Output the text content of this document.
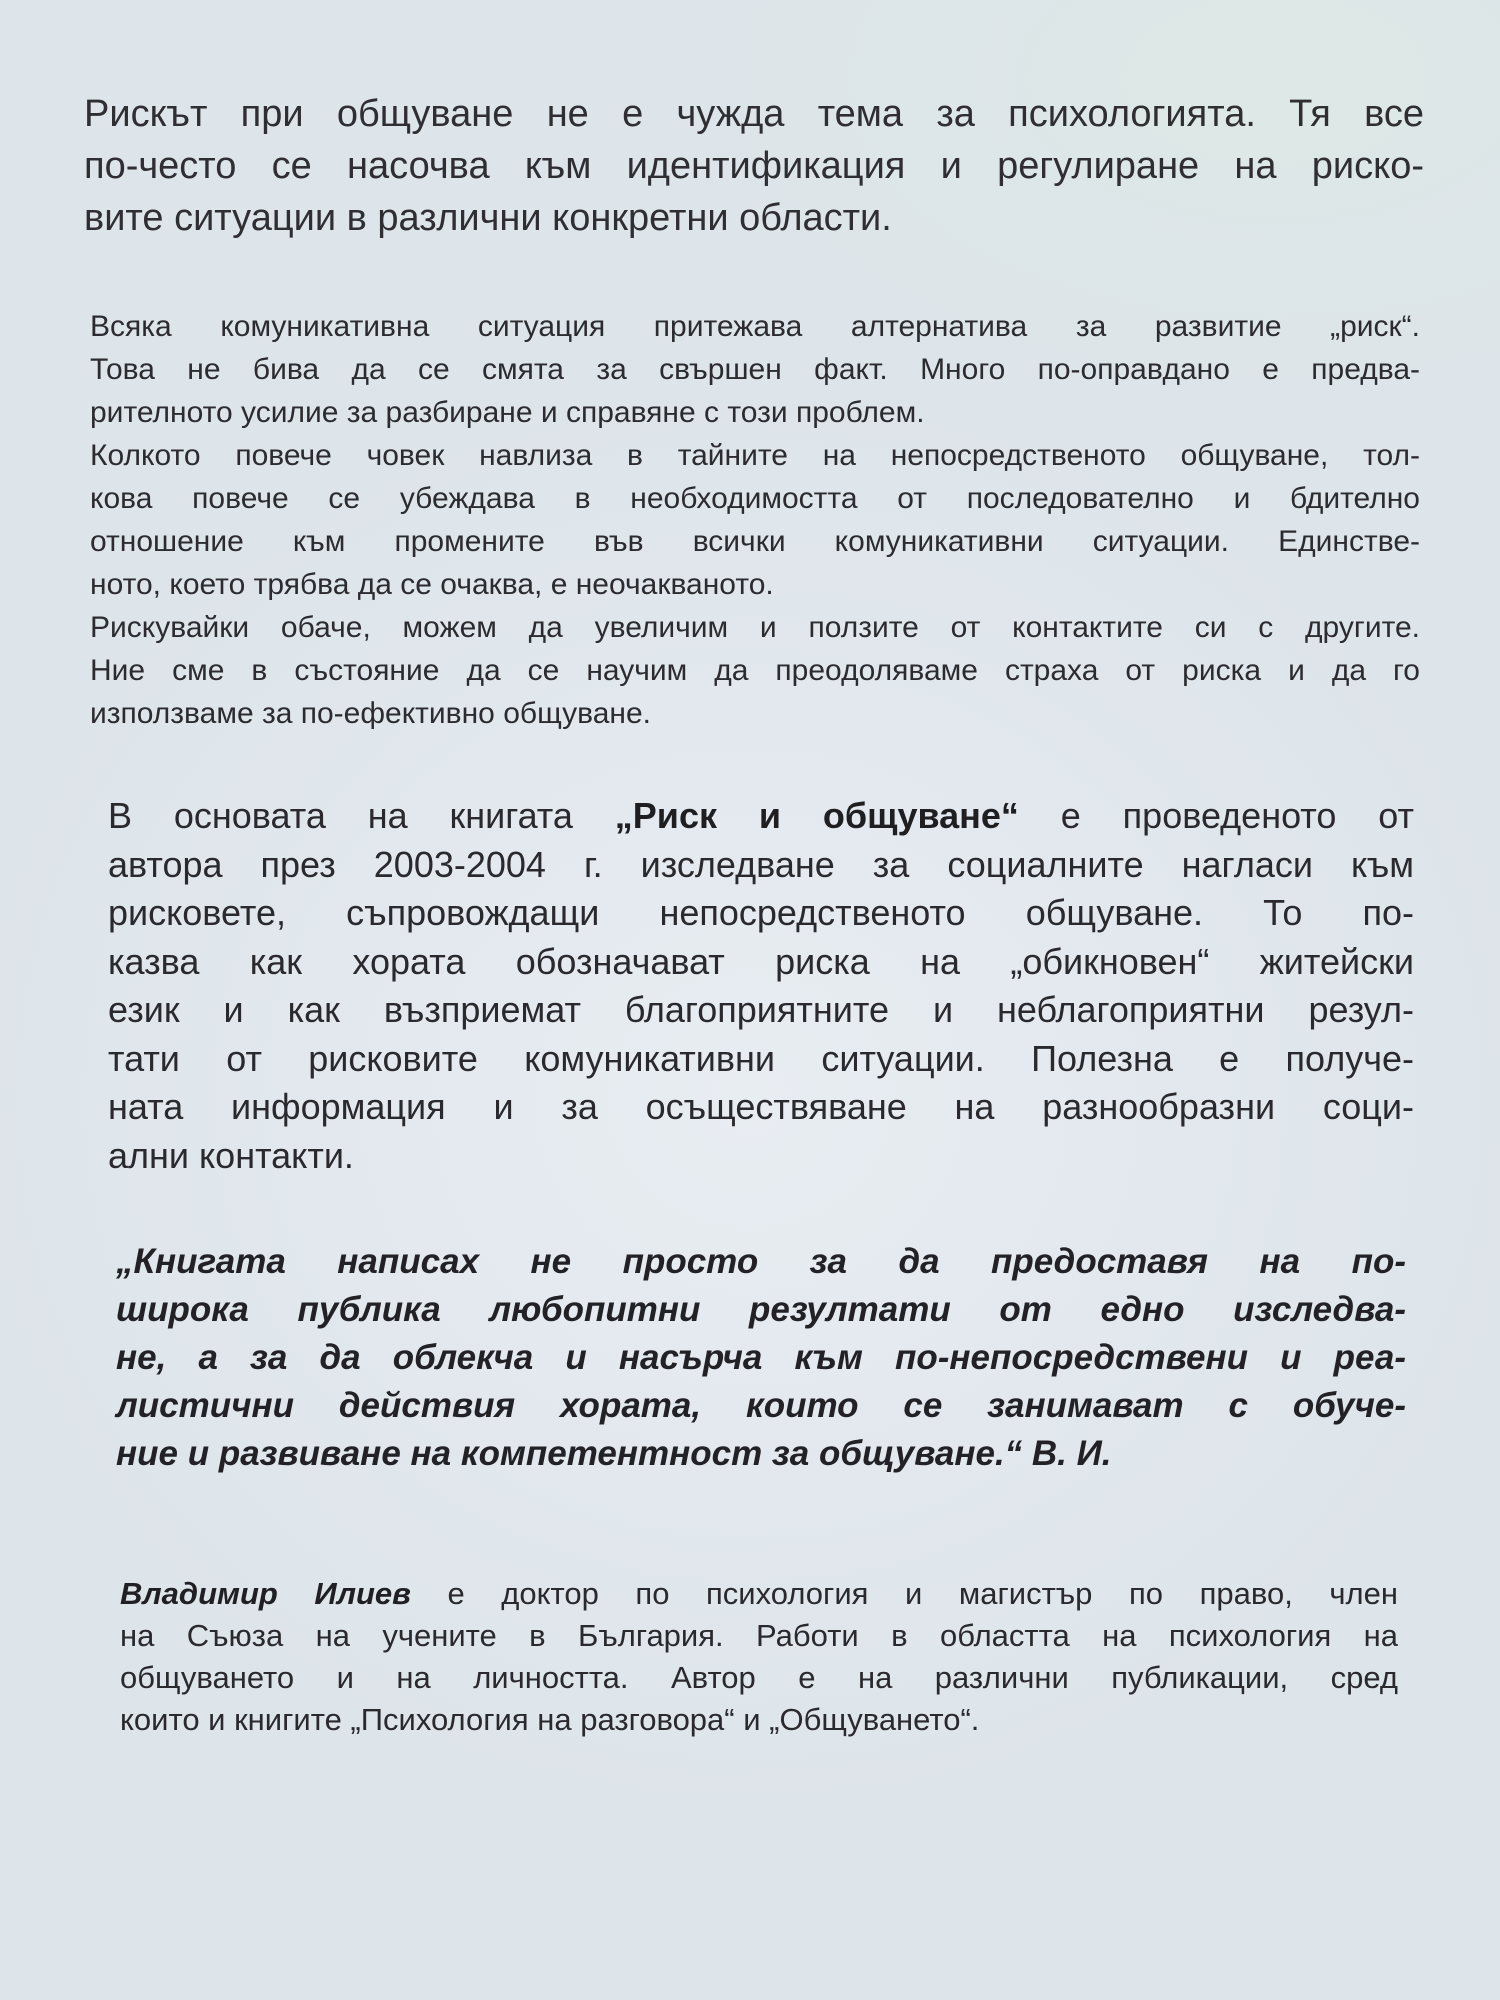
Рискът при общуване не е чужда тема за психологията. Тя все
по-често се насочва към идентификация и регулиране на риско-
вите ситуации в различни конкретни области.
Всяка комуникативна ситуация притежава алтернатива за развитие „риск“.
Това не бива да се смята за свършен факт. Много по-оправдано е предва-
рителното усилие за разбиране и справяне с този проблем.
Колкото повече човек навлиза в тайните на непосредственото общуване, тол-
кова повече се убеждава в необходимостта от последователно и бдително
отношение към промените във всички комуникативни ситуации. Единстве-
ното, което трябва да се очаква, е неочакваното.
Рискувайки обаче, можем да увеличим и ползите от контактите си с другите.
Ние сме в състояние да се научим да преодоляваме страха от риска и да го
използваме за по-ефективно общуване.
В основата на книгата „Риск и общуване“ е проведеното от
автора през 2003-2004 г. изследване за социалните нагласи към
рисковете, съпровождащи непосредственото общуване. То по-
казва как хората обозначават риска на „обикновен“ житейски
език и как възприемат благоприятните и неблагоприятни резул-
тати от рисковите комуникативни ситуации. Полезна е получе-
ната информация и за осъществяване на разнообразни соци-
ални контакти.
„Книгата написах не просто за да предоставя на по-
широка публика любопитни резултати от едно изследва-
не, а за да облекча и насърча към по-непосредствени и реа-
листични действия хората, които се занимават с обуче-
ние и развиване на компетентност за общуване.“ В. И.
Владимир Илиев е доктор по психология и магистър по право, член
на Съюза на учените в България. Работи в областта на психология на
общуването и на личността. Автор е на различни публикации, сред
които и книгите „Психология на разговора“ и „Общуването“.
